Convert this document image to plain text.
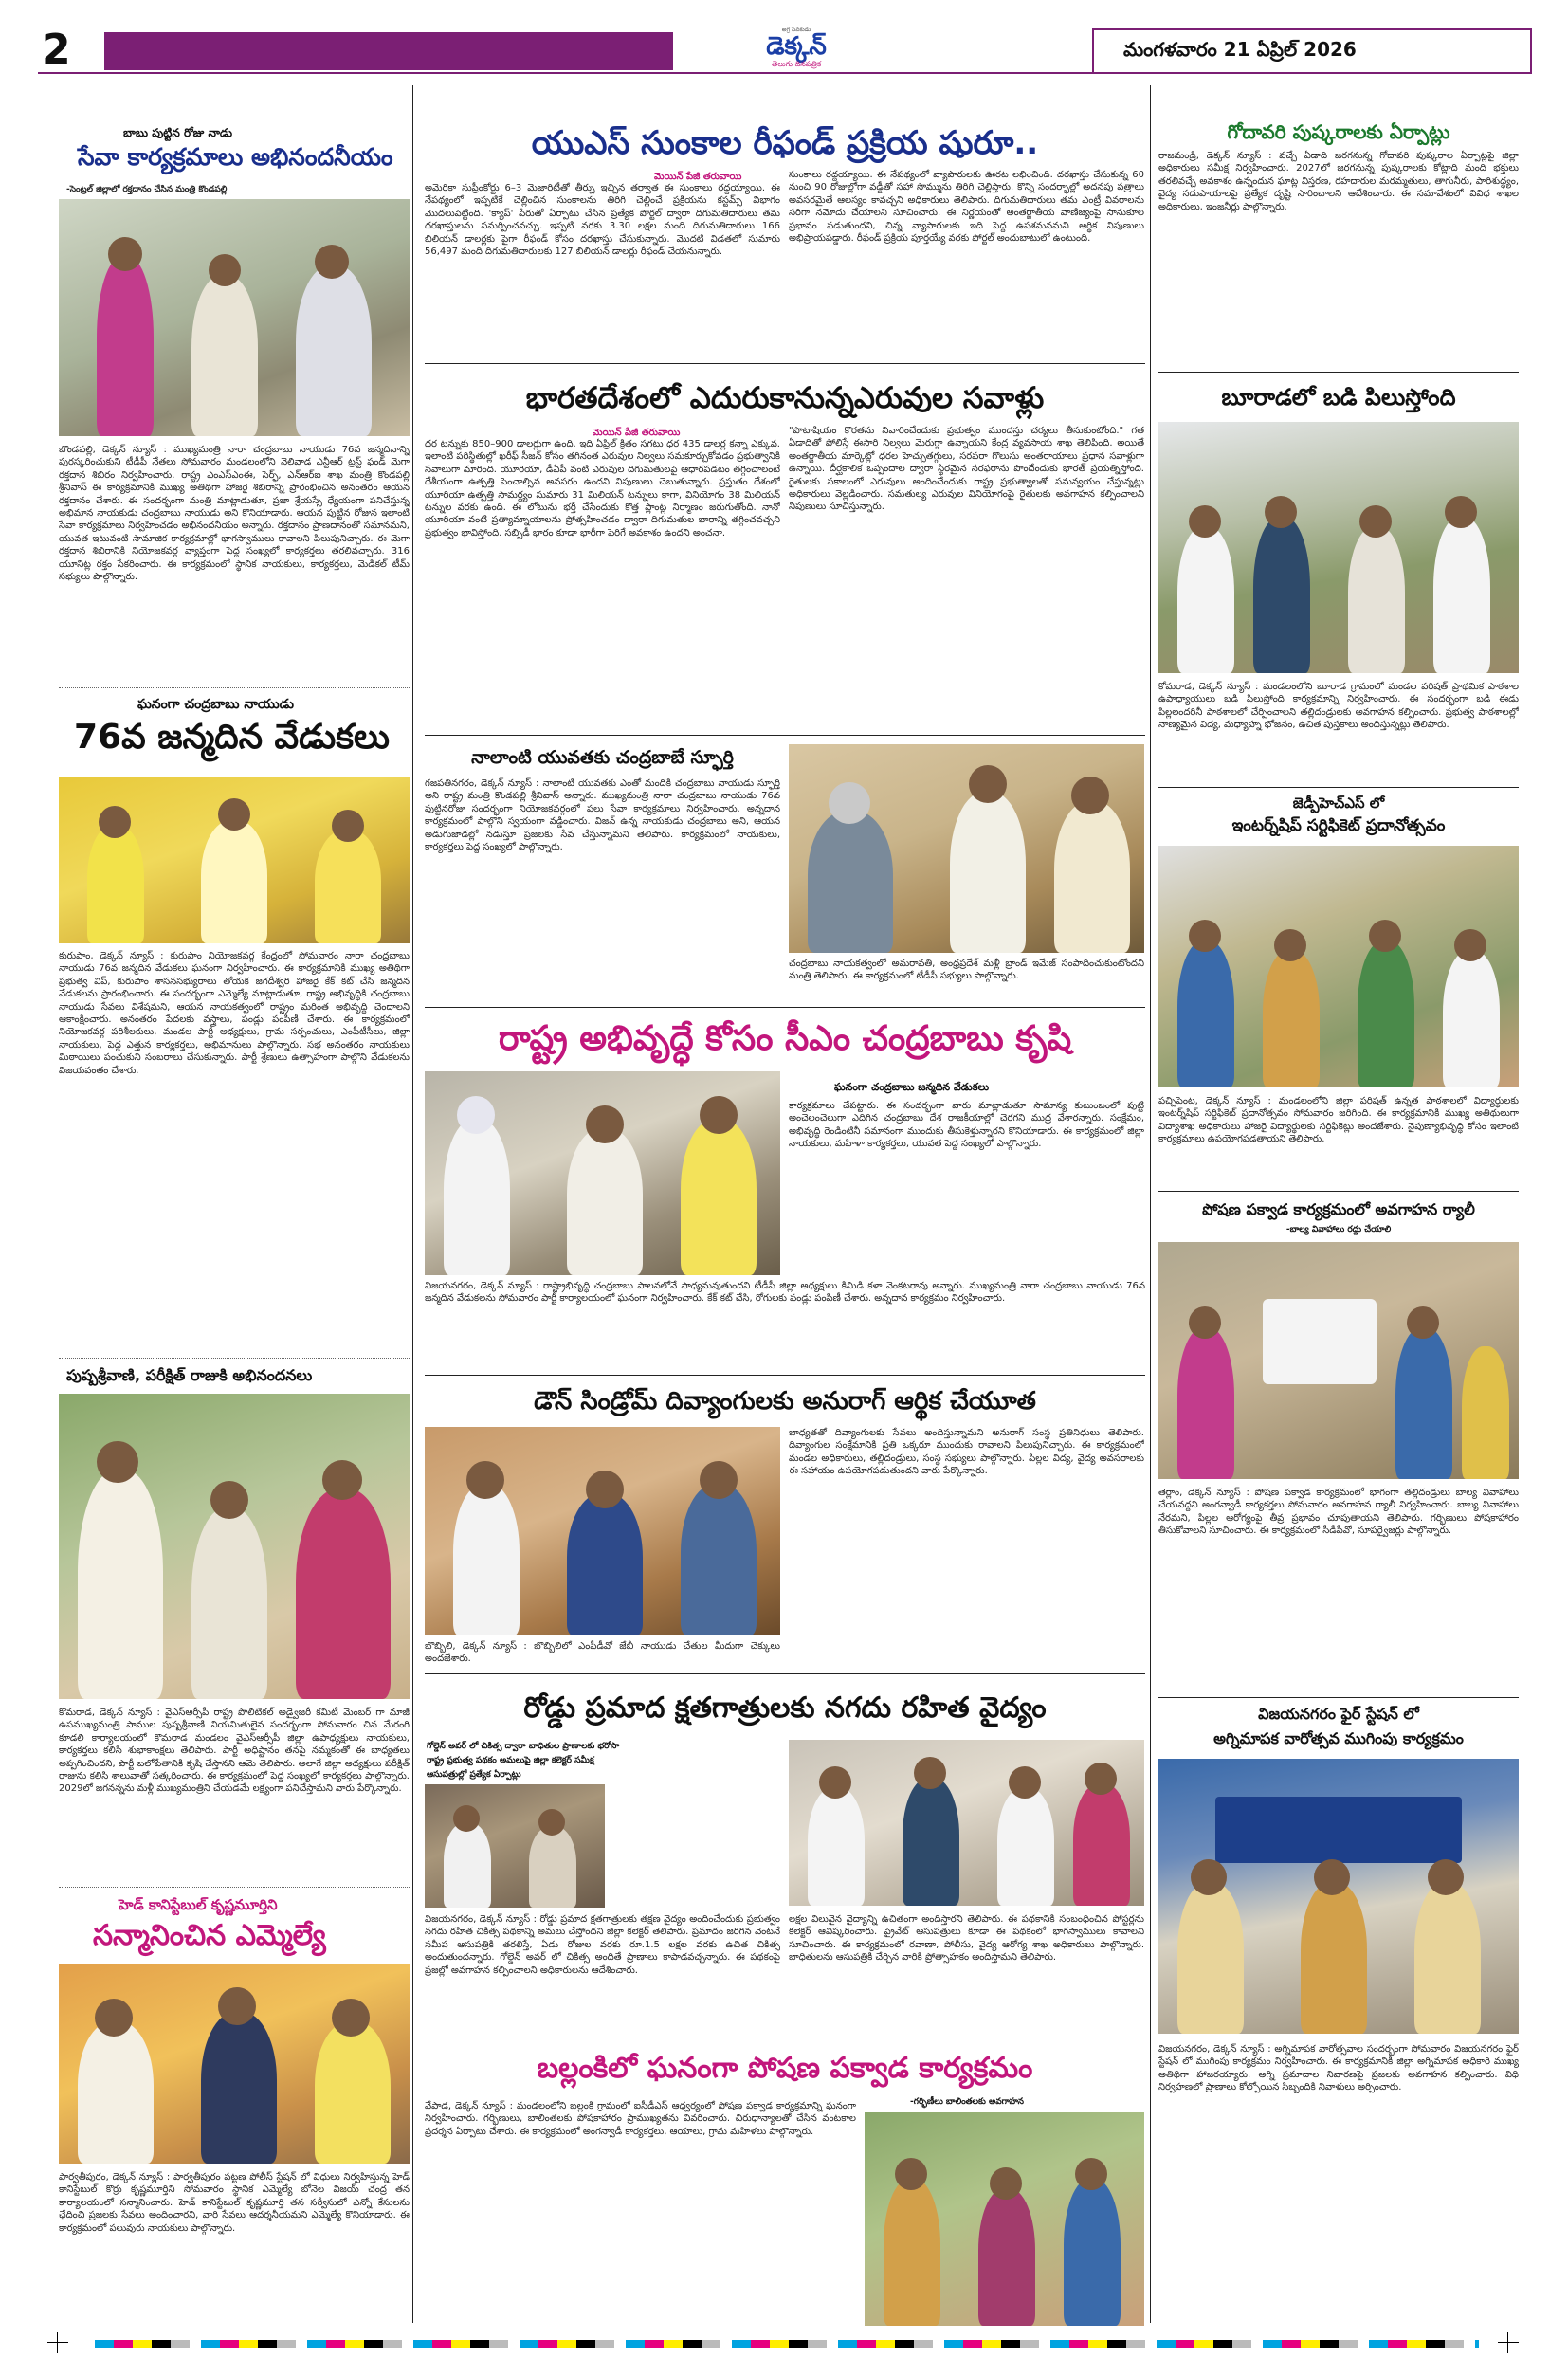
2	అగ్ర సేవకుడు
డెక్కన్
తెలుగు దినపత్రిక
మంగళవారం 21 ఏప్రిల్ 2026
బాబు పుట్టిన రోజు నాడు
సేవా కార్యక్రమాలు అభినందనీయం
-సెంట్రల్ జిల్లాలో రక్తదానం చేసిన మంత్రి కొండపల్లి
బొండపల్లి, డెక్కన్ న్యూస్ : ముఖ్యమంత్రి నారా చంద్రబాబు నాయుడు 76వ జన్మదినాన్ని పురస్కరించుకుని టీడీపీ నేతలు సోమవారం మండలంలోని నెలివాడ ఎన్టీఆర్ ట్రస్ట్ ఫండ్ మెగా రక్తదాన శిబిరం నిర్వహించారు. రాష్ట్ర ఎంఎస్ఎంఈ, సెర్ఫ్, ఎన్ఆర్ఐ శాఖ మంత్రి కొండపల్లి శ్రీనివాస్ ఈ కార్యక్రమానికి ముఖ్య అతిథిగా హాజరై శిబిరాన్ని ప్రారంభించిన అనంతరం ఆయన రక్తదానం చేశారు. ఈ సందర్భంగా మంత్రి మాట్లాడుతూ, ప్రజా శ్రేయస్సే ధ్యేయంగా పనిచేస్తున్న అభిమాన నాయకుడు చంద్రబాబు నాయుడు అని కొనియాడారు. ఆయన పుట్టిన రోజున ఇలాంటి సేవా కార్యక్రమాలు నిర్వహించడం అభినందనీయం అన్నారు. రక్తదానం ప్రాణదానంతో సమానమని, యువత ఇటువంటి సామాజిక కార్యక్రమాల్లో భాగస్వాములు కావాలని పిలుపునిచ్చారు. ఈ మెగా రక్తదాన శిబిరానికి నియోజకవర్గ వ్యాప్తంగా పెద్ద సంఖ్యలో కార్యకర్తలు తరలివచ్చారు. 316 యూనిట్ల రక్తం సేకరించారు. ఈ కార్యక్రమంలో స్థానిక నాయకులు, కార్యకర్తలు, మెడికల్ టీమ్ సభ్యులు పాల్గొన్నారు.
ఘనంగా చంద్రబాబు నాయుడు
76వ జన్మదిన వేడుకలు
కురుపాం, డెక్కన్ న్యూస్ : కురుపాం నియోజకవర్గ కేంద్రంలో సోమవారం నారా చంద్రబాబు నాయుడు 76వ జన్మదిన వేడుకలు ఘనంగా నిర్వహించారు. ఈ కార్యక్రమానికి ముఖ్య అతిథిగా ప్రభుత్వ విప్, కురుపాం శాసనసభ్యురాలు తోయక జగదీశ్వరి హాజరై కేక్ కట్ చేసి జన్మదిన వేడుకలను ప్రారంభించారు. ఈ సందర్భంగా ఎమ్మెల్యే మాట్లాడుతూ, రాష్ట్ర అభివృద్ధికి చంద్రబాబు నాయుడు సేవలు విశేషమని, ఆయన నాయకత్వంలో రాష్ట్రం మరింత అభివృద్ధి చెందాలని ఆకాంక్షించారు. అనంతరం పేదలకు వస్త్రాలు, పండ్లు పంపిణీ చేశారు. ఈ కార్యక్రమంలో నియోజకవర్గ పరిశీలకులు, మండల పార్టీ అధ్యక్షులు, గ్రామ సర్పంచులు, ఎంపీటీసీలు, జిల్లా నాయకులు, పెద్ద ఎత్తున కార్యకర్తలు, అభిమానులు పాల్గొన్నారు. సభ అనంతరం నాయకులు మిఠాయిలు పంచుకుని సంబరాలు చేసుకున్నారు. పార్టీ శ్రేణులు ఉత్సాహంగా పాల్గొని వేడుకలను విజయవంతం చేశారు.
పుష్పశ్రీవాణి, పరీక్షిత్ రాజుకి అభినందనలు
కొమరాడ, డెక్కన్ న్యూస్ : వైఎస్ఆర్సీపీ రాష్ట్ర పొలిటికల్ అడ్వైజరీ కమిటీ మెంబర్ గా మాజీ ఉపముఖ్యమంత్రి పాముల పుష్పశ్రీవాణి నియమితులైన సందర్భంగా సోమవారం చిన మేరంగి కూడలి కార్యాలయంలో కొమరాడ మండలం వైఎస్ఆర్సీపీ జిల్లా ఉపాధ్యక్షులు నాయకులు, కార్యకర్తలు కలిసి శుభాకాంక్షలు తెలిపారు. పార్టీ అధిష్టానం తనపై నమ్మకంతో ఈ బాధ్యతలు అప్పగించిందని, పార్టీ బలోపేతానికి కృషి చేస్తానని ఆమె తెలిపారు. అలాగే జిల్లా అధ్యక్షులు పరీక్షిత్ రాజును కలిసి శాలువాతో సత్కరించారు. ఈ కార్యక్రమంలో పెద్ద సంఖ్యలో కార్యకర్తలు పాల్గొన్నారు. 2029లో జగనన్నను మళ్లీ ముఖ్యమంత్రిని చేయడమే లక్ష్యంగా పనిచేస్తామని వారు పేర్కొన్నారు.
హెడ్ కానిస్టేబుల్ కృష్ణమూర్తిని
సన్మానించిన ఎమ్మెల్యే
పార్వతీపురం, డెక్కన్ న్యూస్ : పార్వతీపురం పట్టణ పోలీస్ స్టేషన్ లో విధులు నిర్వహిస్తున్న హెడ్ కానిస్టేబుల్ కొర్రు కృష్ణమూర్తిని సోమవారం స్థానిక ఎమ్మెల్యే బోనెల విజయ్ చంద్ర తన కార్యాలయంలో సన్మానించారు. హెడ్ కానిస్టేబుల్ కృష్ణమూర్తి తన సర్వీసులో ఎన్నో కేసులను ఛేదించి ప్రజలకు సేవలు అందించారని, వారి సేవలు ఆదర్శనీయమని ఎమ్మెల్యే కొనియాడారు. ఈ కార్యక్రమంలో పలువురు నాయకులు పాల్గొన్నారు.
యుఎస్ సుంకాల రీఫండ్ ప్రక్రియ షురూ..
మెయిన్ పేజీ తరువాయి
అమెరికా సుప్రీంకోర్టు 6–3 మెజారిటీతో తీర్పు ఇచ్చిన తర్వాత ఈ సుంకాలు రద్దయ్యాయి. ఈ నేపథ్యంలో ఇప్పటికే చెల్లించిన సుంకాలను తిరిగి చెల్లించే ప్రక్రియను కస్టమ్స్ విభాగం మొదలుపెట్టింది. 'క్యాప్' పేరుతో ఏర్పాటు చేసిన ప్రత్యేక పోర్టల్ ద్వారా దిగుమతిదారులు తమ దరఖాస్తులను సమర్పించవచ్చు. ఇప్పటి వరకు 3.30 లక్షల మంది దిగుమతిదారులు 166 బిలియన్ డాలర్లకు పైగా రీఫండ్ కోసం దరఖాస్తు చేసుకున్నారు. మొదటి విడతలో సుమారు 56,497 మంది దిగుమతిదారులకు 127 బిలియన్ డాలర్లు రీఫండ్ చేయనున్నారు.
సుంకాలు రద్దయ్యాయి. ఈ నేపథ్యంలో వ్యాపారులకు ఊరట లభించింది. దరఖాస్తు చేసుకున్న 60 నుంచి 90 రోజుల్లోగా వడ్డీతో సహా సొమ్మును తిరిగి చెల్లిస్తారు. కొన్ని సందర్భాల్లో అదనపు పత్రాలు అవసరమైతే ఆలస్యం కావచ్చని అధికారులు తెలిపారు. దిగుమతిదారులు తమ ఎంట్రీ వివరాలను సరిగా నమోదు చేయాలని సూచించారు. ఈ నిర్ణయంతో అంతర్జాతీయ వాణిజ్యంపై సానుకూల ప్రభావం పడుతుందని, చిన్న వ్యాపారులకు ఇది పెద్ద ఉపశమనమని ఆర్థిక నిపుణులు అభిప్రాయపడ్డారు. రీఫండ్ ప్రక్రియ పూర్తయ్యే వరకు పోర్టల్ అందుబాటులో ఉంటుంది.
భారతదేశంలో ఎదురుకానున్నఎరువుల సవాళ్లు
మెయిన్ పేజీ తరువాయి
ధర టన్నుకు 850–900 డాలర్లుగా ఉంది. ఇది ఏప్రిల్ క్రితం సగటు ధర 435 డాలర్ల కన్నా ఎక్కువ. ఇలాంటి పరిస్థితుల్లో ఖరీఫ్ సీజన్ కోసం తగినంత ఎరువుల నిల్వలు సమకూర్చుకోవడం ప్రభుత్వానికి సవాలుగా మారింది. యూరియా, డీఏపీ వంటి ఎరువుల దిగుమతులపై ఆధారపడటం తగ్గించాలంటే దేశీయంగా ఉత్పత్తి పెంచాల్సిన అవసరం ఉందని నిపుణులు చెబుతున్నారు. ప్రస్తుతం దేశంలో యూరియా ఉత్పత్తి సామర్థ్యం సుమారు 31 మిలియన్ టన్నులు కాగా, వినియోగం 38 మిలియన్ టన్నుల వరకు ఉంది. ఈ లోటును భర్తీ చేసేందుకు కొత్త ప్లాంట్ల నిర్మాణం జరుగుతోంది. నానో యూరియా వంటి ప్రత్యామ్నాయాలను ప్రోత్సహించడం ద్వారా దిగుమతుల భారాన్ని తగ్గించవచ్చని ప్రభుత్వం భావిస్తోంది. సబ్సిడీ భారం కూడా భారీగా పెరిగే అవకాశం ఉందని అంచనా.
"పొటాషియం కొరతను నివారించేందుకు ప్రభుత్వం ముందస్తు చర్యలు తీసుకుంటోంది." గత ఏడాదితో పోలిస్తే ఈసారి నిల్వలు మెరుగ్గా ఉన్నాయని కేంద్ర వ్యవసాయ శాఖ తెలిపింది. అయితే అంతర్జాతీయ మార్కెట్లో ధరల హెచ్చుతగ్గులు, సరఫరా గొలుసు అంతరాయాలు ప్రధాన సవాళ్లుగా ఉన్నాయి. దీర్ఘకాలిక ఒప్పందాల ద్వారా స్థిరమైన సరఫరాను పొందేందుకు భారత్ ప్రయత్నిస్తోంది. రైతులకు సకాలంలో ఎరువులు అందించేందుకు రాష్ట్ర ప్రభుత్వాలతో సమన్వయం చేస్తున్నట్లు అధికారులు వెల్లడించారు. సమతుల్య ఎరువుల వినియోగంపై రైతులకు అవగాహన కల్పించాలని నిపుణులు సూచిస్తున్నారు.
నాలాంటి యువతకు చంద్రబాబే స్ఫూర్తి
గజపతినగరం, డెక్కన్ న్యూస్ : నాలాంటి యువతకు ఎంతో మందికి చంద్రబాబు నాయుడు స్ఫూర్తి అని రాష్ట్ర మంత్రి కొండపల్లి శ్రీనివాస్ అన్నారు. ముఖ్యమంత్రి నారా చంద్రబాబు నాయుడు 76వ పుట్టినరోజు సందర్భంగా నియోజకవర్గంలో పలు సేవా కార్యక్రమాలు నిర్వహించారు. అన్నదాన కార్యక్రమంలో పాల్గొని స్వయంగా వడ్డించారు. విజన్ ఉన్న నాయకుడు చంద్రబాబు అని, ఆయన అడుగుజాడల్లో నడుస్తూ ప్రజలకు సేవ చేస్తున్నామని తెలిపారు. కార్యక్రమంలో నాయకులు, కార్యకర్తలు పెద్ద సంఖ్యలో పాల్గొన్నారు.
చంద్రబాబు నాయకత్వంలో అమరావతి, అంధ్రప్రదేశ్ మళ్లీ బ్రాండ్ ఇమేజ్ సంపాదించుకుంటోందని మంత్రి తెలిపారు. ఈ కార్యక్రమంలో టీడీపీ సభ్యులు పాల్గొన్నారు.
రాష్ట్ర అభివృద్ధే కోసం సీఎం చంద్రబాబు కృషి
ఘనంగా చంద్రబాబు జన్మదిన వేడుకలు
కార్యక్రమాలు చేపట్టారు. ఈ సందర్భంగా వారు మాట్లాడుతూ సామాన్య కుటుంబంలో పుట్టి అంచెలంచెలుగా ఎదిగిన చంద్రబాబు దేశ రాజకీయాల్లో చెరగని ముద్ర వేశారన్నారు. సంక్షేమం, అభివృద్ధి రెండింటినీ సమానంగా ముందుకు తీసుకెళ్తున్నారని కొనియాడారు. ఈ కార్యక్రమంలో జిల్లా నాయకులు, మహిళా కార్యకర్తలు, యువత పెద్ద సంఖ్యలో పాల్గొన్నారు.
విజయనగరం, డెక్కన్ న్యూస్ : రాష్ట్రాభివృద్ధి చంద్రబాబు పాలనలోనే సాధ్యమవుతుందని టీడీపీ జిల్లా అధ్యక్షులు కిమిడి కళా వెంకటరావు అన్నారు. ముఖ్యమంత్రి నారా చంద్రబాబు నాయుడు 76వ జన్మదిన వేడుకలను సోమవారం పార్టీ కార్యాలయంలో ఘనంగా నిర్వహించారు. కేక్ కట్ చేసి, రోగులకు పండ్లు పంపిణీ చేశారు. అన్నదాన కార్యక్రమం నిర్వహించారు.
డౌన్ సిండ్రోమ్ దివ్యాంగులకు అనురాగ్ ఆర్థిక చేయూత
బొబ్బిలి, డెక్కన్ న్యూస్ : బొబ్బిలిలో ఎంపీడీవో జేబీ నాయుడు చేతుల మీదుగా చెక్కులు అందజేశారు.
బాధ్యతతో దివ్యాంగులకు సేవలు అందిస్తున్నామని అనురాగ్ సంస్థ ప్రతినిధులు తెలిపారు. దివ్యాంగుల సంక్షేమానికి ప్రతి ఒక్కరూ ముందుకు రావాలని పిలుపునిచ్చారు. ఈ కార్యక్రమంలో మండల అధికారులు, తల్లిదండ్రులు, సంస్థ సభ్యులు పాల్గొన్నారు. పిల్లల విద్య, వైద్య అవసరాలకు ఈ సహాయం ఉపయోగపడుతుందని వారు పేర్కొన్నారు.
రోడ్డు ప్రమాద క్షతగాత్రులకు నగదు రహిత వైద్యం
గోల్డెన్ అవర్ లో చికిత్స ద్వారా బాధితుల ప్రాణాలకు భరోసా
రాష్ట్ర ప్రభుత్వ పథకం అమలుపై జిల్లా కలెక్టర్ సమీక్ష
ఆసుపత్రుల్లో ప్రత్యేక ఏర్పాట్లు
విజయనగరం, డెక్కన్ న్యూస్ : రోడ్డు ప్రమాద క్షతగాత్రులకు తక్షణ వైద్యం అందించేందుకు ప్రభుత్వం నగదు రహిత చికిత్స పథకాన్ని అమలు చేస్తోందని జిల్లా కలెక్టర్ తెలిపారు. ప్రమాదం జరిగిన వెంటనే సమీప ఆసుపత్రికి తరలిస్తే, ఏడు రోజుల వరకు రూ.1.5 లక్షల వరకు ఉచిత చికిత్స అందుతుందన్నారు. గోల్డెన్ అవర్ లో చికిత్స అందితే ప్రాణాలు కాపాడవచ్చన్నారు. ఈ పథకంపై ప్రజల్లో అవగాహన కల్పించాలని అధికారులను ఆదేశించారు.
లక్షల విలువైన వైద్యాన్ని ఉచితంగా అందిస్తారని తెలిపారు. ఈ పథకానికి సంబంధించిన పోస్టర్లను కలెక్టర్ ఆవిష్కరించారు. ప్రైవేట్ ఆసుపత్రులు కూడా ఈ పథకంలో భాగస్వాములు కావాలని సూచించారు. ఈ కార్యక్రమంలో రవాణా, పోలీసు, వైద్య ఆరోగ్య శాఖ అధికారులు పాల్గొన్నారు. బాధితులను ఆసుపత్రికి చేర్చిన వారికి ప్రోత్సాహకం అందిస్తామని తెలిపారు.
బల్లంకిలో ఘనంగా పోషణ పక్వాడ కార్యక్రమం
వేపాడ, డెక్కన్ న్యూస్ : మండలంలోని బల్లంకి గ్రామంలో ఐసీడీఎస్ ఆధ్వర్యంలో పోషణ పక్వాడ కార్యక్రమాన్ని ఘనంగా నిర్వహించారు. గర్భిణులు, బాలింతలకు పోషకాహారం ప్రాముఖ్యతను వివరించారు. చిరుధాన్యాలతో చేసిన వంటకాల ప్రదర్శన ఏర్పాటు చేశారు. ఈ కార్యక్రమంలో అంగన్వాడీ కార్యకర్తలు, ఆయాలు, గ్రామ మహిళలు పాల్గొన్నారు.
-గర్భిణీలు బాలింతలకు అవగాహన
గోదావరి పుష్కరాలకు ఏర్పాట్లు
రాజమండ్రి, డెక్కన్ న్యూస్ : వచ్చే ఏడాది జరగనున్న గోదావరి పుష్కరాల ఏర్పాట్లపై జిల్లా అధికారులు సమీక్ష నిర్వహించారు. 2027లో జరగనున్న పుష్కరాలకు కోట్లాది మంది భక్తులు తరలివచ్చే అవకాశం ఉన్నందున ఘాట్ల విస్తరణ, రహదారుల మరమ్మతులు, తాగునీరు, పారిశుద్ధ్యం, వైద్య సదుపాయాలపై ప్రత్యేక దృష్టి సారించాలని ఆదేశించారు. ఈ సమావేశంలో వివిధ శాఖల అధికారులు, ఇంజనీర్లు పాల్గొన్నారు.
బూరాడలో బడి పిలుస్తోంది
కోమరాడ, డెక్కన్ న్యూస్ : మండలంలోని బూరాడ గ్రామంలో మండల పరిషత్ ప్రాథమిక పాఠశాల ఉపాధ్యాయులు బడి పిలుస్తోంది కార్యక్రమాన్ని నిర్వహించారు. ఈ సందర్భంగా బడి ఈడు పిల్లలందరినీ పాఠశాలలో చేర్పించాలని తల్లిదండ్రులకు అవగాహన కల్పించారు. ప్రభుత్వ పాఠశాలల్లో నాణ్యమైన విద్య, మధ్యాహ్న భోజనం, ఉచిత పుస్తకాలు అందిస్తున్నట్లు తెలిపారు.
జెడ్పీహెచ్ఎస్ లో
ఇంటర్న్‌షిప్ సర్టిఫికెట్ ప్రదానోత్సవం
పచ్చిపెంట, డెక్కన్ న్యూస్ : మండలంలోని జిల్లా పరిషత్ ఉన్నత పాఠశాలలో విద్యార్థులకు ఇంటర్న్‌షిప్ సర్టిఫికెట్ ప్రదానోత్సవం సోమవారం జరిగింది. ఈ కార్యక్రమానికి ముఖ్య అతిథులుగా విద్యాశాఖ అధికారులు హాజరై విద్యార్థులకు సర్టిఫికెట్లు అందజేశారు. నైపుణ్యాభివృద్ధి కోసం ఇలాంటి కార్యక్రమాలు ఉపయోగపడతాయని తెలిపారు.
పోషణ పక్వాడ కార్యక్రమంలో అవగాహన ర్యాలీ
-బాల్య వివాహాలు రద్దు చేయాలి
తెర్లాం, డెక్కన్ న్యూస్ : పోషణ పక్వాడ కార్యక్రమంలో భాగంగా తల్లిదండ్రులు బాల్య వివాహాలు చేయవద్దని అంగన్వాడీ కార్యకర్తలు సోమవారం అవగాహన ర్యాలీ నిర్వహించారు. బాల్య వివాహాలు నేరమని, పిల్లల ఆరోగ్యంపై తీవ్ర ప్రభావం చూపుతాయని తెలిపారు. గర్భిణులు పోషకాహారం తీసుకోవాలని సూచించారు. ఈ కార్యక్రమంలో సీడీపీవో, సూపర్వైజర్లు పాల్గొన్నారు.
విజయనగరం ఫైర్ స్టేషన్ లో
అగ్నిమాపక వారోత్సవ ముగింపు కార్యక్రమం
విజయనగరం, డెక్కన్ న్యూస్ : అగ్నిమాపక వారోత్సవాల సందర్భంగా సోమవారం విజయనగరం ఫైర్ స్టేషన్ లో ముగింపు కార్యక్రమం నిర్వహించారు. ఈ కార్యక్రమానికి జిల్లా అగ్నిమాపక అధికారి ముఖ్య అతిథిగా హాజరయ్యారు. అగ్ని ప్రమాదాల నివారణపై ప్రజలకు అవగాహన కల్పించారు. విధి నిర్వహణలో ప్రాణాలు కోల్పోయిన సిబ్బందికి నివాళులు అర్పించారు.
